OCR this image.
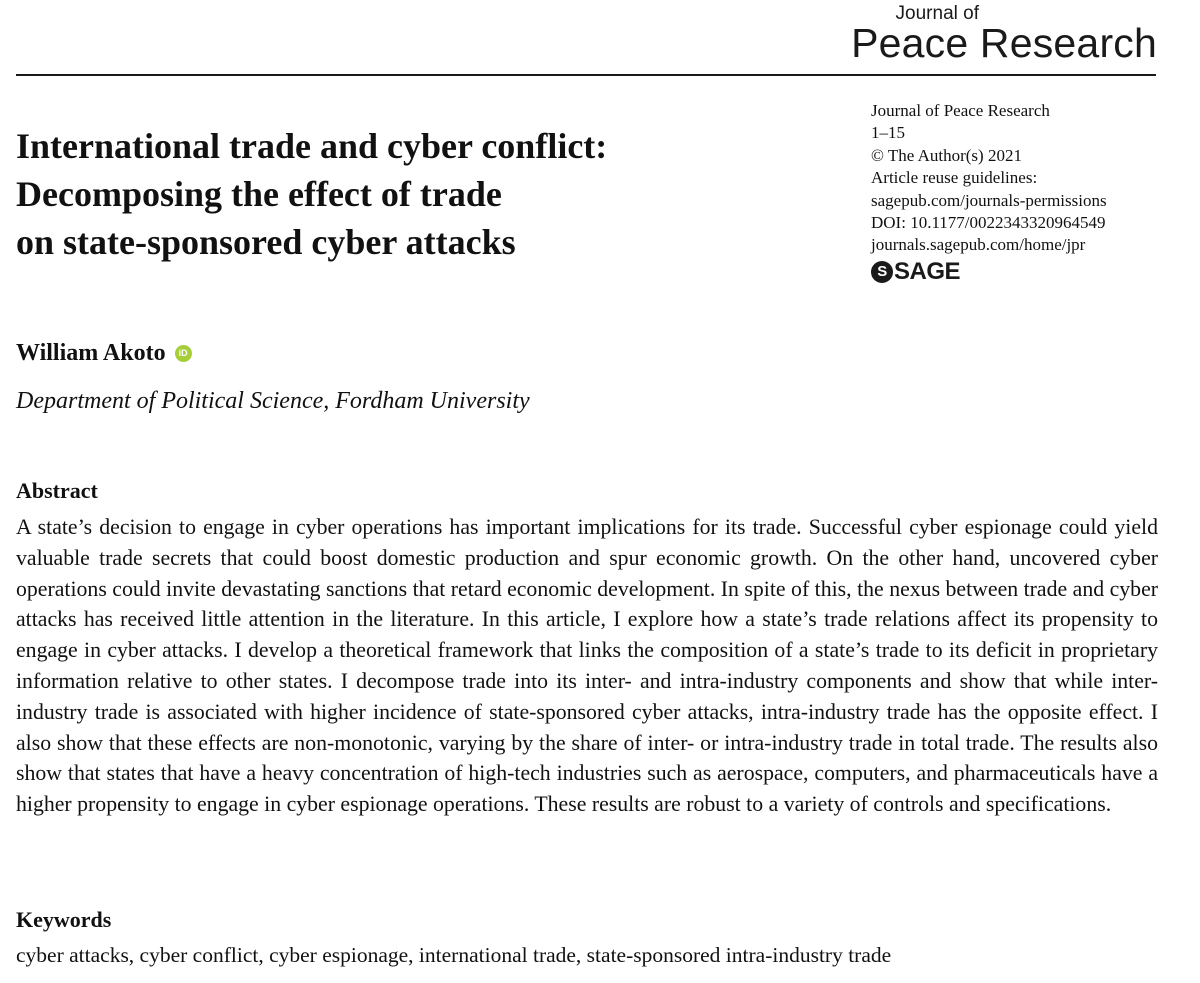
Journal of
Peace Research
International trade and cyber conflict:
Decomposing the effect of trade
on state-sponsored cyber attacks
Journal of Peace Research
1–15
© The Author(s) 2021
Article reuse guidelines:
sagepub.com/journals-permissions
DOI: 10.1177/0022343320964549
journals.sagepub.com/home/jpr
S SAGE
William Akoto	iD
Department of Political Science, Fordham University
Abstract

A state’s decision to engage in cyber operations has important implications for its trade. Successful cyber espionage could yield valuable trade secrets that could boost domestic production and spur economic growth. On the other hand, uncovered cyber operations could invite devastating sanctions that retard economic development. In spite of this, the nexus between trade and cyber attacks has received little attention in the literature. In this article, I explore how a state’s trade relations affect its propensity to engage in cyber attacks. I develop a theoretical framework that links the composition of a state’s trade to its deficit in proprietary information relative to other states. I decompose trade into its inter- and intra-industry components and show that while inter-industry trade is associated with higher incidence of state-sponsored cyber attacks, intra-industry trade has the opposite effect. I also show that these effects are non-monotonic, varying by the share of inter- or intra-industry trade in total trade. The results also show that states that have a heavy concentration of high-tech industries such as aerospace, computers, and pharmaceuticals have a higher propensity to engage in cyber espionage operations. These results are robust to a variety of controls and specifications.

Keywords

cyber attacks, cyber conflict, cyber espionage, international trade, state-sponsored intra-industry trade
